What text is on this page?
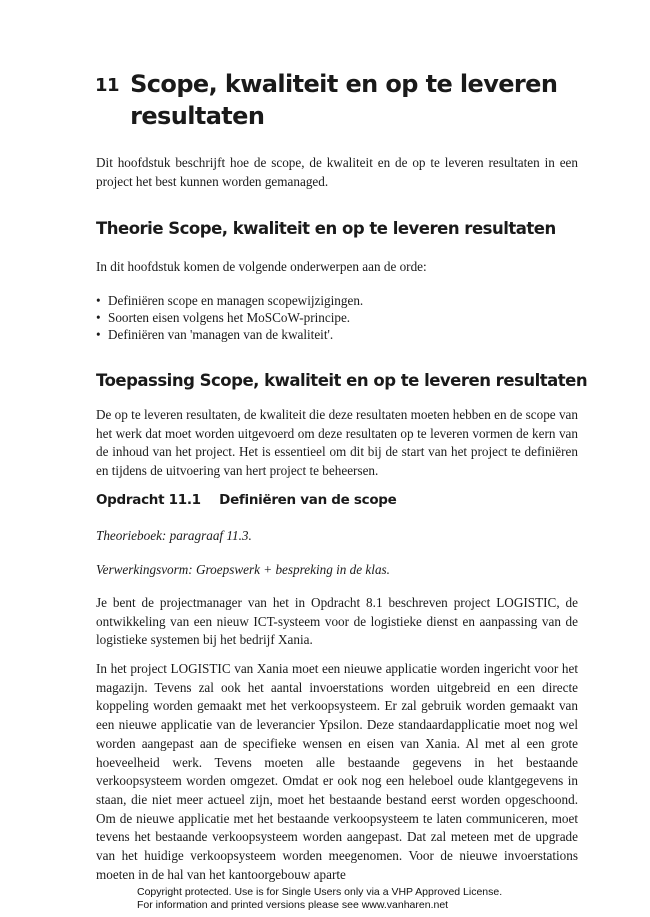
11 Scope, kwaliteit en op te leveren resultaten

Dit hoofdstuk beschrijft hoe de scope, de kwaliteit en de op te leveren resultaten in een project het best kunnen worden gemanaged.

Theorie Scope, kwaliteit en op te leveren resultaten

In dit hoofdstuk komen de volgende onderwerpen aan de orde:

• Definiëren scope en managen scopewijzigingen.
• Soorten eisen volgens het MoSCoW-principe.
• Definiëren van 'managen van de kwaliteit'.
Toepassing Scope, kwaliteit en op te leveren resultaten

De op te leveren resultaten, de kwaliteit die deze resultaten moeten hebben en de scope van het werk dat moet worden uitgevoerd om deze resultaten op te leveren vormen de kern van de inhoud van het project. Het is essentieel om dit bij de start van het project te definiëren en tijdens de uitvoering van hert project te beheersen.

Opdracht 11.1 Definiëren van de scope

Theorieboek: paragraaf 11.3.

Verwerkingsvorm: Groepswerk + bespreking in de klas.

Je bent de projectmanager van het in Opdracht 8.1 beschreven project LOGISTIC, de ontwikkeling van een nieuw ICT-systeem voor de logistieke dienst en aanpassing van de logistieke systemen bij het bedrijf Xania.

In het project LOGISTIC van Xania moet een nieuwe applicatie worden ingericht voor het magazijn. Tevens zal ook het aantal invoerstations worden uitgebreid en een directe koppeling worden gemaakt met het verkoopsysteem. Er zal gebruik worden gemaakt van een nieuwe applicatie van de leverancier Ypsilon. Deze standaardapplicatie moet nog wel worden aangepast aan de specifieke wensen en eisen van Xania. Al met al een grote hoeveelheid werk. Tevens moeten alle bestaande gegevens in het bestaande verkoopsysteem worden omgezet. Omdat er ook nog een heleboel oude klantgegevens in staan, die niet meer actueel zijn, moet het bestaande bestand eerst worden opgeschoond. Om de nieuwe applicatie met het bestaande verkoopsysteem te laten communiceren, moet tevens het bestaande verkoopsysteem worden aangepast. Dat zal meteen met de upgrade van het huidige verkoopsysteem worden meegenomen. Voor de nieuwe invoerstations moeten in de hal van het kantoorgebouw aparte

Copyright protected. Use is for Single Users only via a VHP Approved License.
For information and printed versions please see www.vanharen.net
